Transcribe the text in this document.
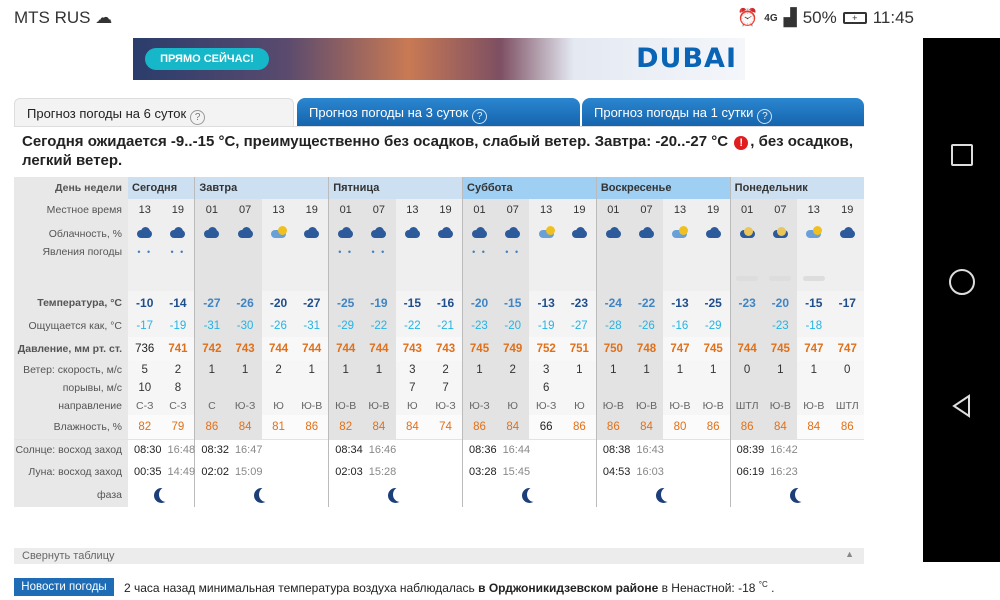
MTS RUS ☁	⏰ 4G ▟ 50%	+ 11:45
ПРЯМО СЕЙЧАС!	DUBAI
Прогноз погоды на 6 суток ?	Прогноз погоды на 3 суток ?	Прогноз погоды на 1 сутки ?
Сегодня ожидается -9..-15 °C, преимущественно без осадков, слабый ветер. Завтра: -20..-27 °C ! , без осадков, легкий ветер.
День недели	Сегодня		Завтра				Пятница				Суббота				Воскресенье				Понедельник			
Местное время	13	19	01	07	13	19	01	07	13	19	01	07	13	19	01	07	13	19	01	07	13	19
Облачность, %																						
Явления погоды	• •	• •					• •	• •			• •	• •										
Температура, °C	-10	-14	-27	-26	-20	-27	-25	-19	-15	-16	-20	-15	-13	-23	-24	-22	-13	-25	-23	-20	-15	-17
Ощущается как, °C	-17	-19	-31	-30	-26	-31	-29	-22	-22	-21	-23	-20	-19	-27	-28	-26	-16	-29		-23	-18	
Давление, мм рт. ст.	736	741	742	743	744	744	744	744	743	743	745	749	752	751	750	748	747	745	744	745	747	747
Ветер: скорость, м/с	5	2	1	1	2	1	1	1	3	2	1	2	3	1	1	1	1	1	0	1	1	0
порывы, м/с	10	8							7	7			6									
направление	С-З	С-З	С	Ю-З	Ю	Ю-В	Ю-В	Ю-В	Ю	Ю-З	Ю-З	Ю	Ю-З	Ю	Ю-В	Ю-В	Ю-В	Ю-В	ШТЛ	Ю-В	Ю-В	ШТЛ
Влажность, %	82	79	86	84	81	86	82	84	84	74	86	84	66	86	86	84	80	86	86	84	84	86
Солнце: восход заход	08:30 16:48		08:32 16:47				08:34 16:46				08:36 16:44				08:38 16:43				08:39 16:42			
Луна: восход заход	00:35 14:49		02:02 15:09				02:03 15:28				03:28 15:45				04:53 16:03				06:19 16:23			
фаза																						
Свернуть таблицу	▲
Новости погоды	2 часа назад минимальная температура воздуха наблюдалась в Орджоникидзевском районе в Ненастной: -18 $^{^\circ C}$ .
